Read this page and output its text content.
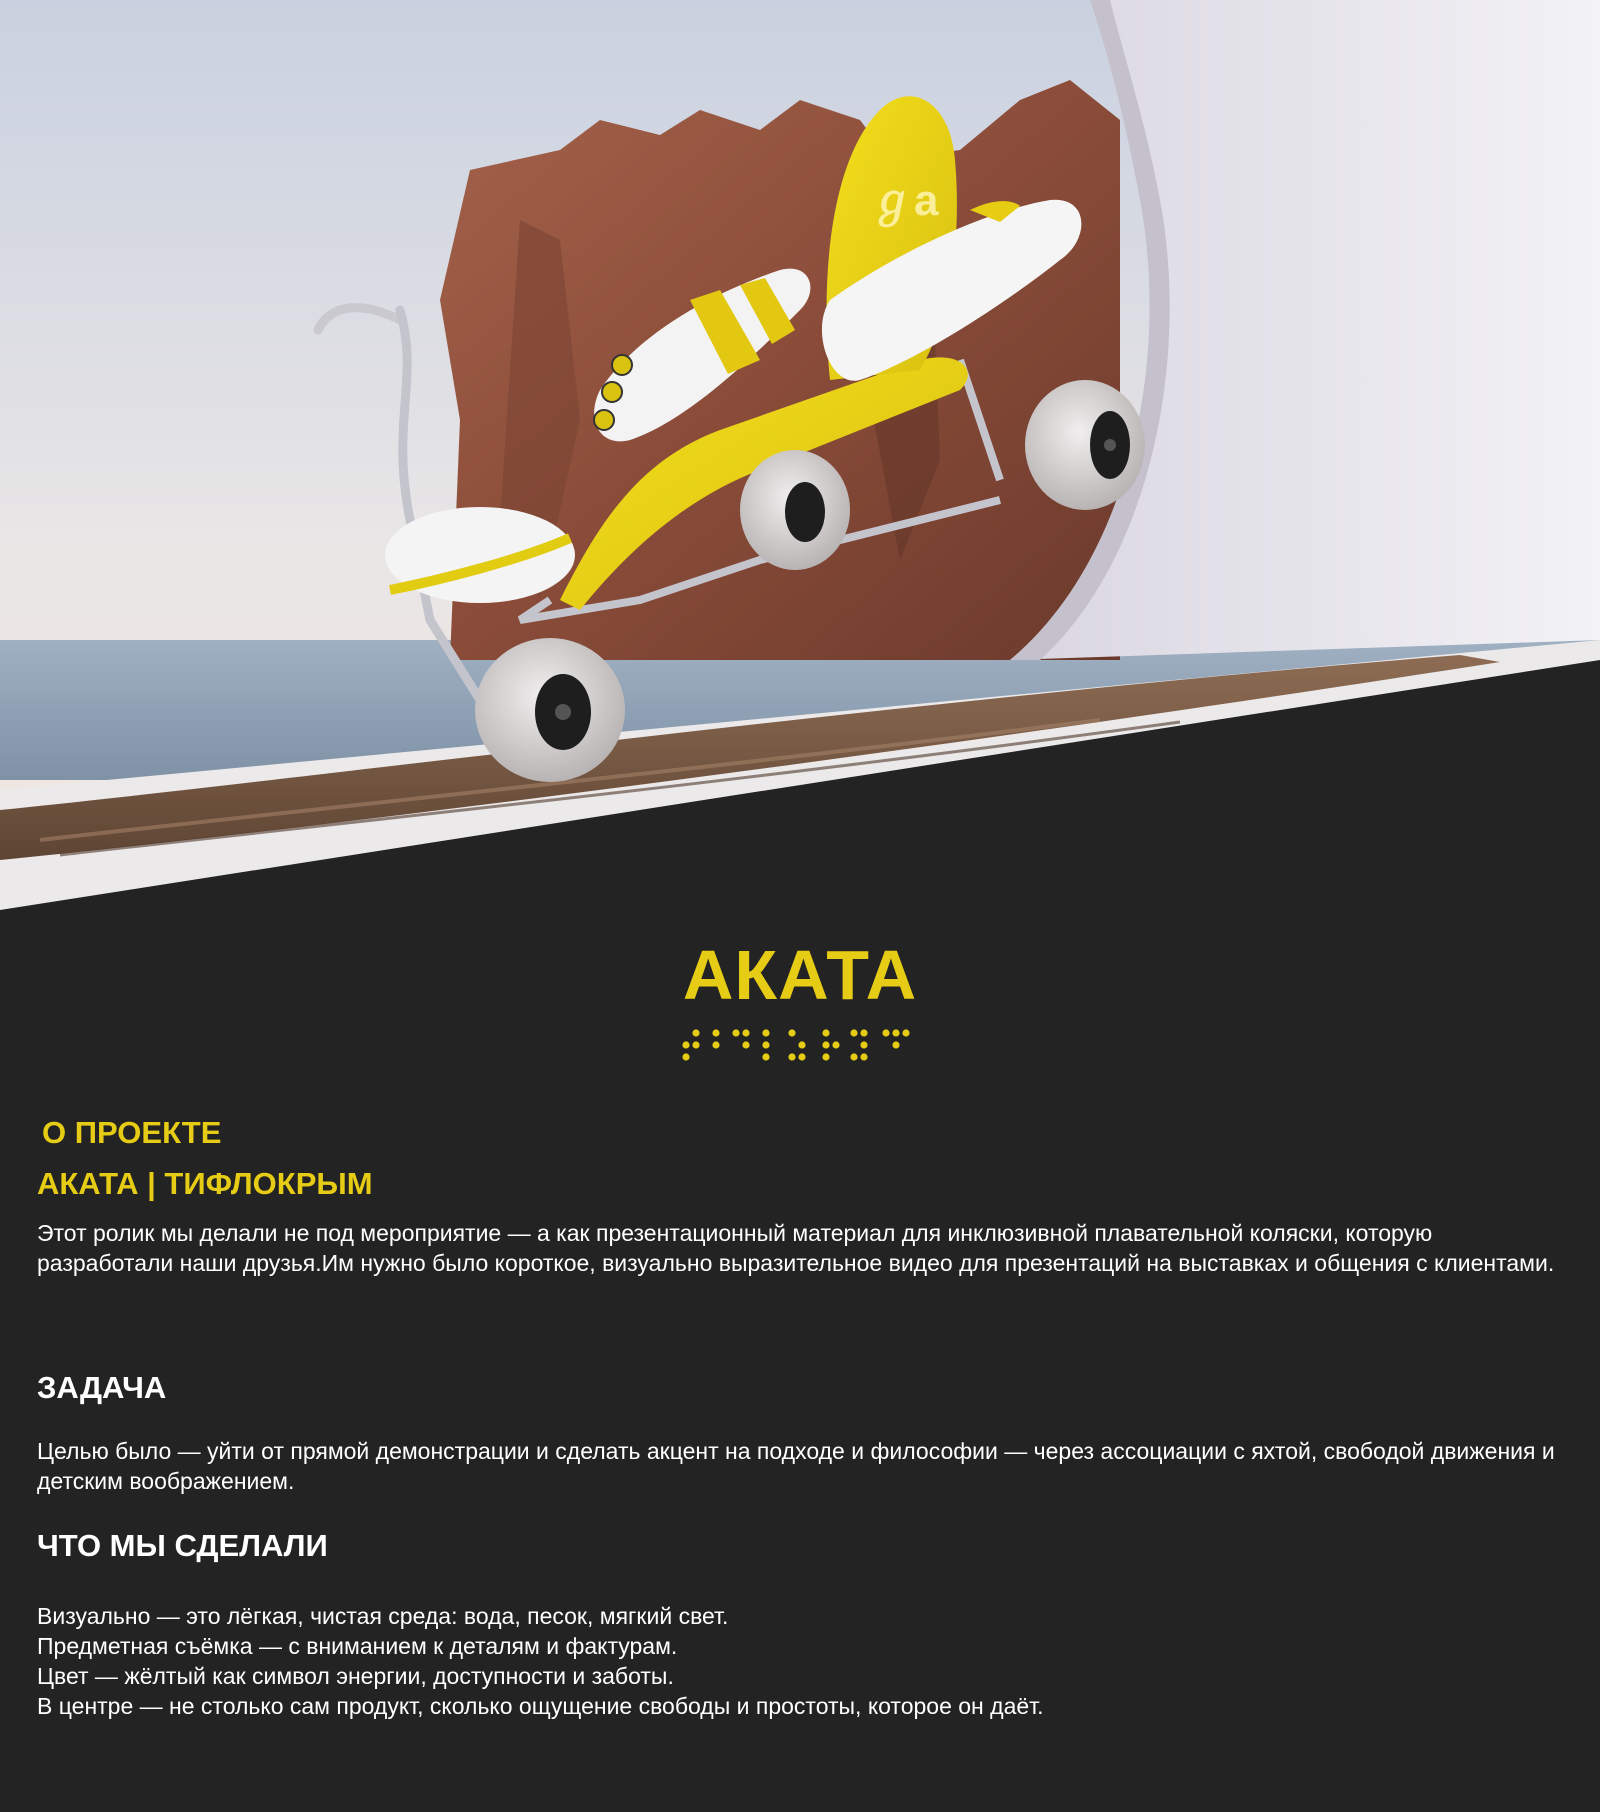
ℊa
АКАТА
О ПРОЕКТЕ
АКАТА | ТИФЛОКРЫМ

Этот ролик мы делали не под мероприятие — а как презентационный материал для инклюзивной плавательной коляски, которую разработали наши друзья.Им нужно было короткое, визуально выразительное видео для презентаций на выставках и общения с клиентами.

ЗАДАЧА

Целью было — уйти от прямой демонстрации и сделать акцент на подходе и философии — через ассоциации с яхтой, свободой движения и детским воображением.

ЧТО МЫ СДЕЛАЛИ

Визуально — это лёгкая, чистая среда: вода, песок, мягкий свет.
Предметная съёмка — с вниманием к деталям и фактурам.
Цвет — жёлтый как символ энергии, доступности и заботы.
В центре — не столько сам продукт, сколько ощущение свободы и простоты, которое он даёт.
